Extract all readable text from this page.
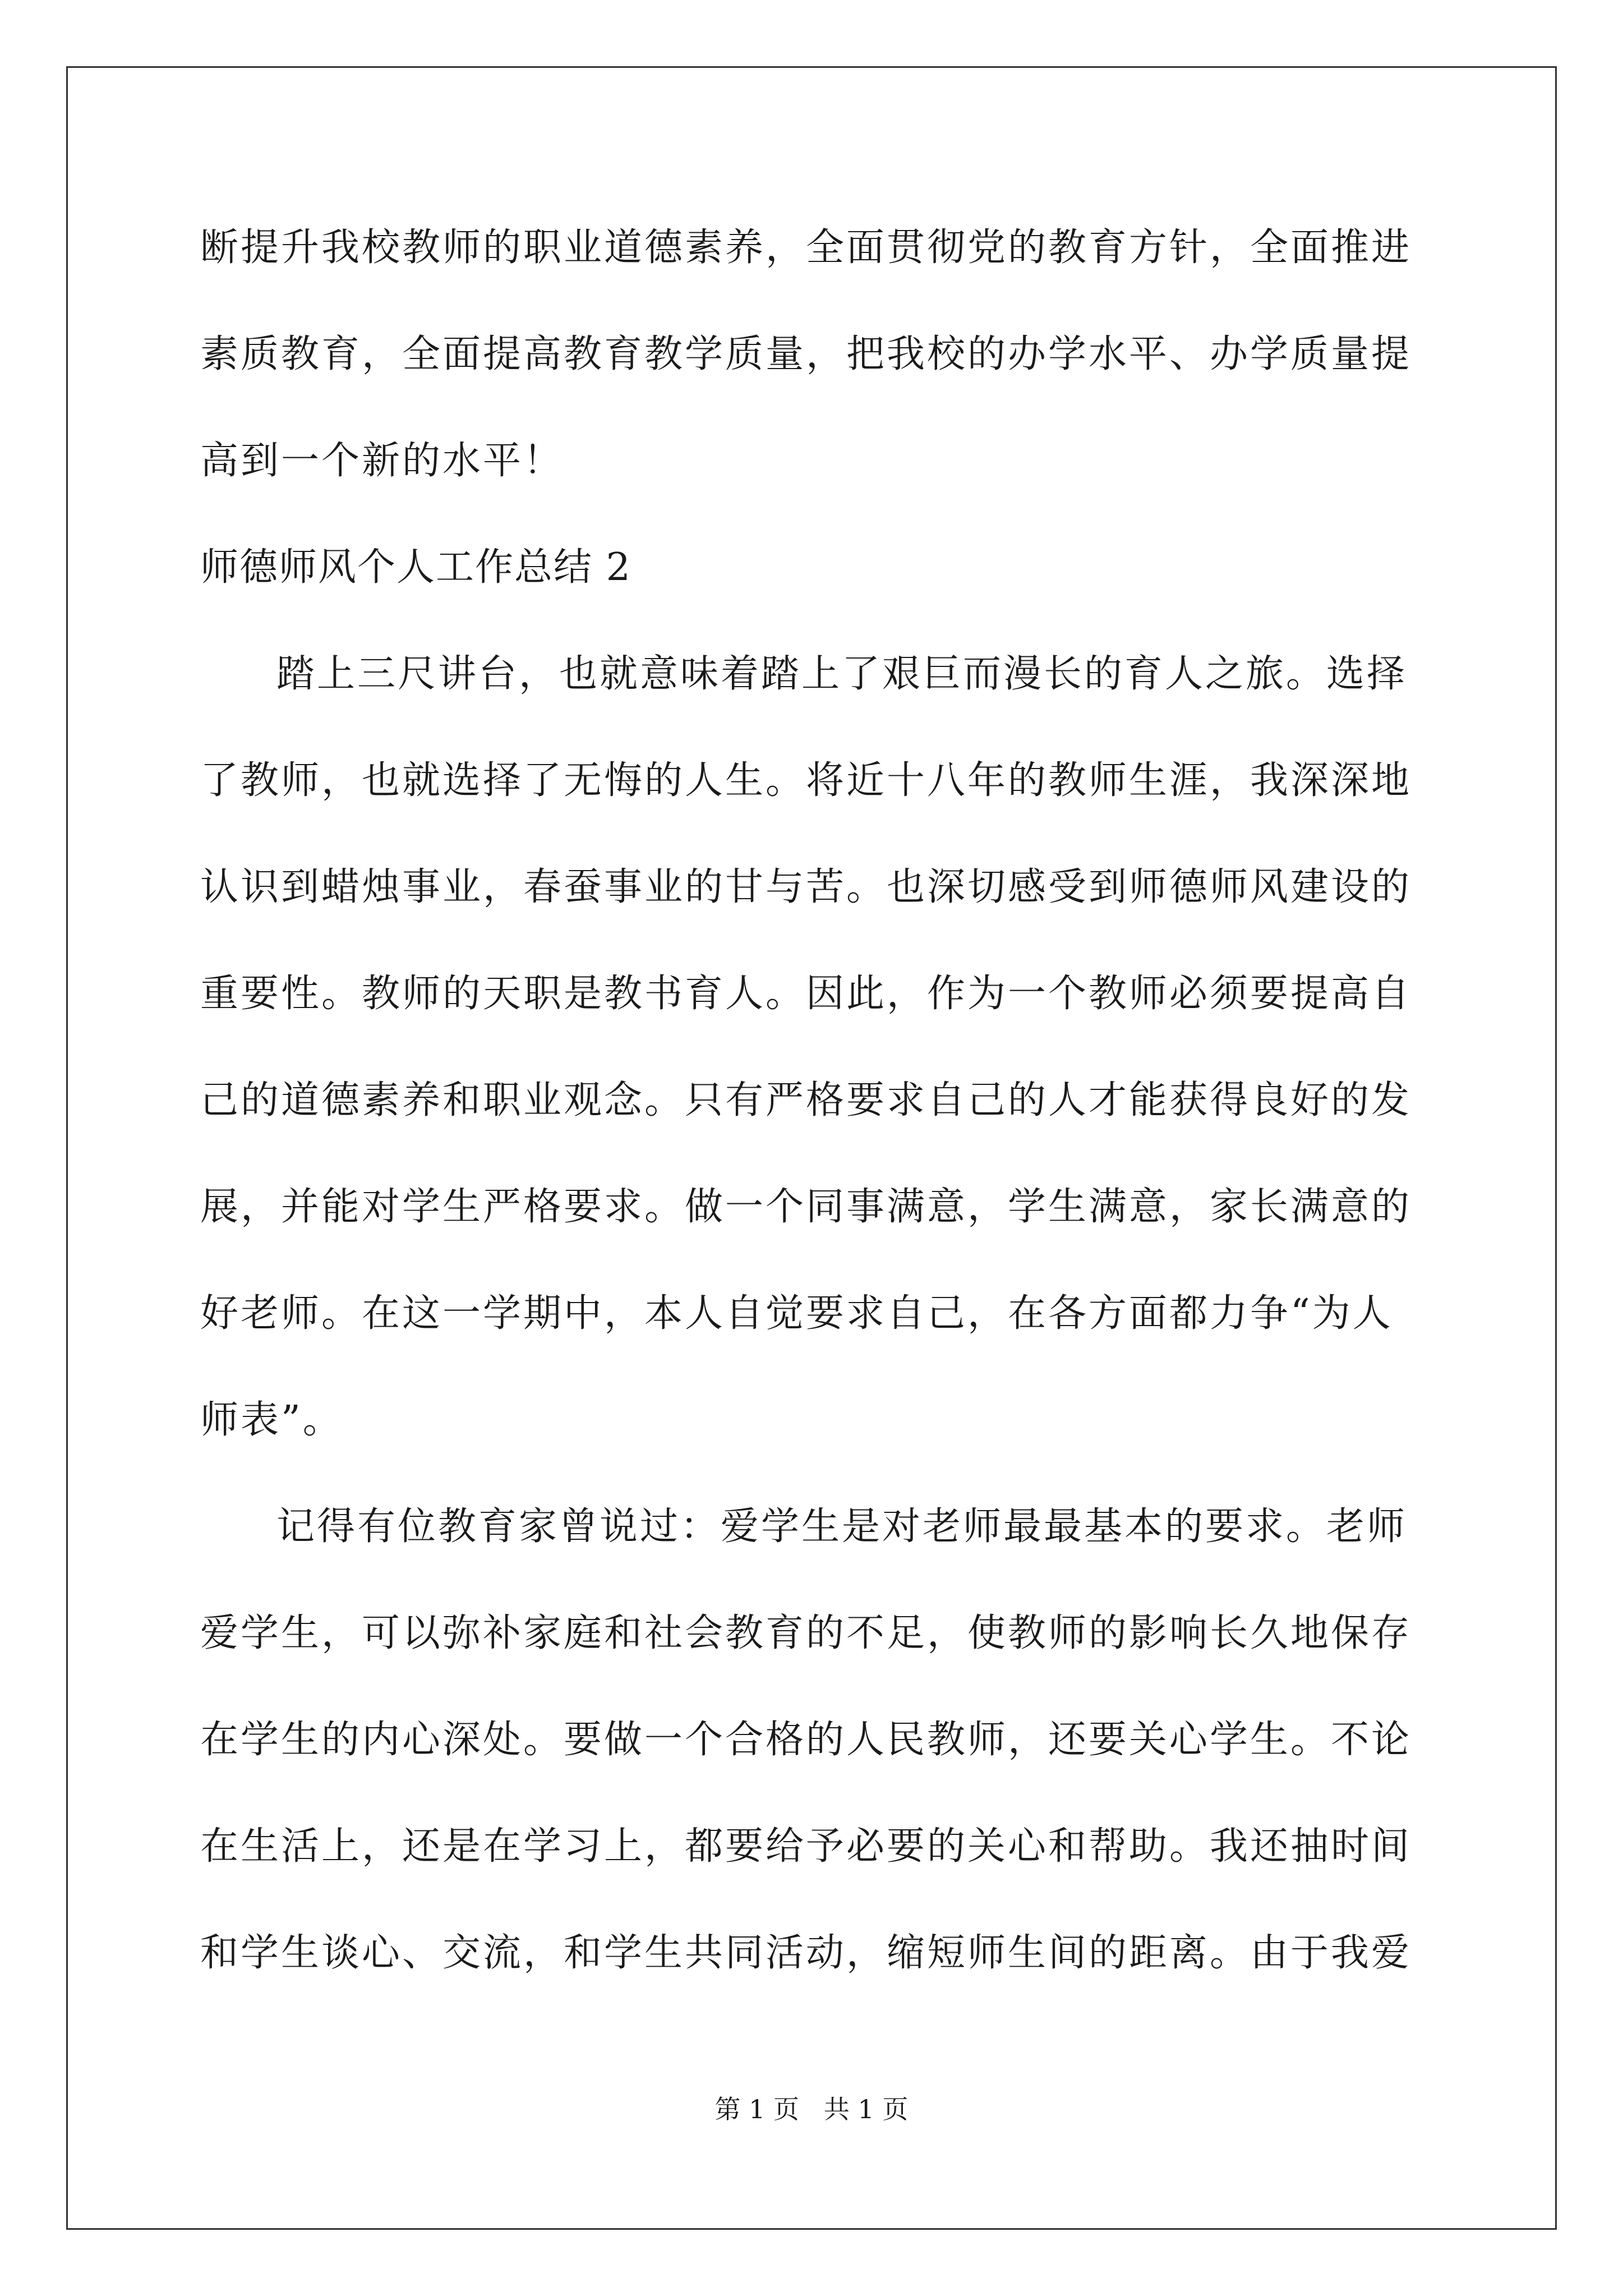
断提升我校教师的职业道德素养，全面贯彻党的教育方针，全面推进
素质教育，全面提高教育教学质量，把我校的办学水平、办学质量提
高到一个新的水平！
师德师风个人工作总结 2
踏上三尺讲台，也就意味着踏上了艰巨而漫长的育人之旅。选择
了教师，也就选择了无悔的人生。将近十八年的教师生涯，我深深地
认识到蜡烛事业，春蚕事业的甘与苦。也深切感受到师德师风建设的
重要性。教师的天职是教书育人。因此，作为一个教师必须要提高自
己的道德素养和职业观念。只有严格要求自己的人才能获得良好的发
展，并能对学生严格要求。做一个同事满意，学生满意，家长满意的
好老师。在这一学期中，本人自觉要求自己，在各方面都力争“为人
师表”。
记得有位教育家曾说过：爱学生是对老师最最基本的要求。老师
爱学生，可以弥补家庭和社会教育的不足，使教师的影响长久地保存
在学生的内心深处。要做一个合格的人民教师，还要关心学生。不论
在生活上，还是在学习上，都要给予必要的关心和帮助。我还抽时间
和学生谈心、交流，和学生共同活动，缩短师生间的距离。由于我爱
第 1 页   共 1 页
